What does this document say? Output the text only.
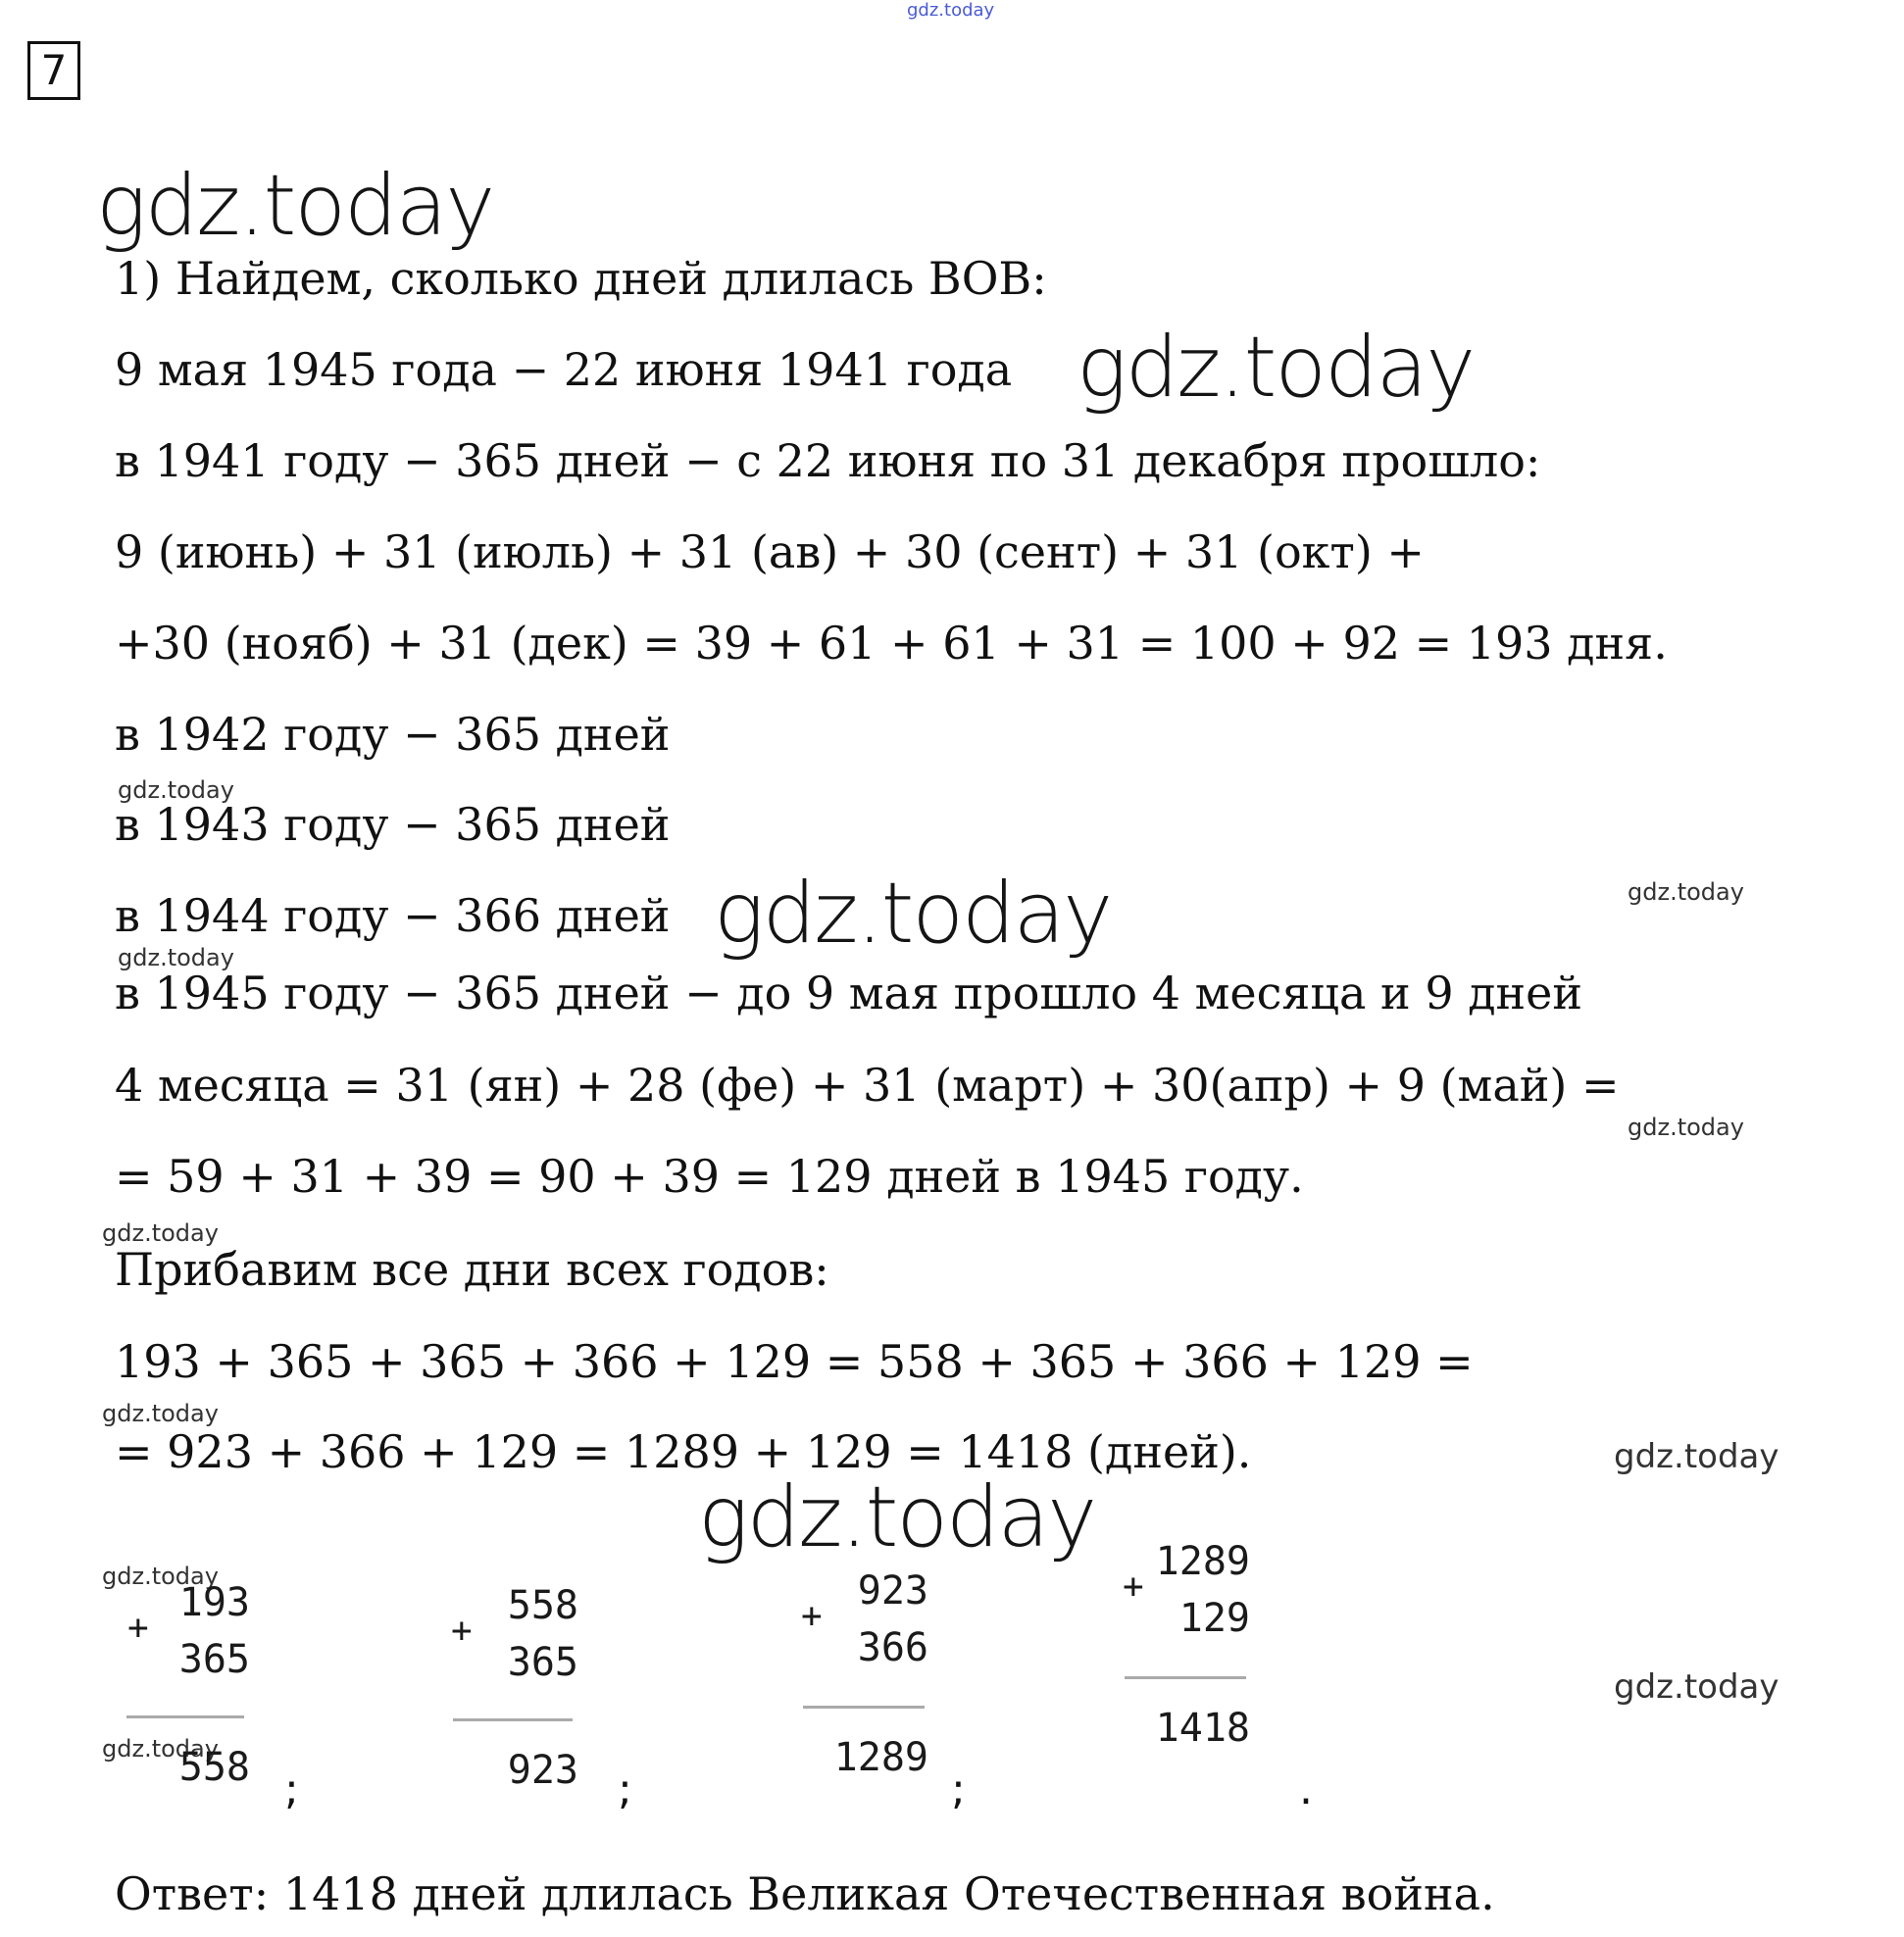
7
gdz.today
gdz.today
gdz.today
gdz.today
gdz.today
gdz.today
gdz.today
gdz.today
gdz.today
gdz.today
gdz.today
gdz.today
gdz.today
gdz.today
gdz.today
1) Найдем, сколько дней длилась ВОВ:
9 мая 1945 года − 22 июня 1941 года
в 1941 году − 365 дней − с 22 июня по 31 декабря прошло:
9 (июнь) + 31 (июль) + 31 (ав) + 30 (сент) + 31 (окт) +
+30 (нояб) + 31 (дек) = 39 + 61 + 61 + 31 = 100 + 92 = 193 дня.
в 1942 году − 365 дней
в 1943 году − 365 дней
в 1944 году − 366 дней
в 1945 году − 365 дней − до 9 мая прошло 4 месяца и 9 дней
4 месяца = 31 (ян) + 28 (фе) + 31 (март) + 30(апр) + 9 (май) =
= 59 + 31 + 39 = 90 + 39 = 129 дней в 1945 году.
Прибавим все дни всех годов:
193 + 365 + 365 + 366 + 129 = 558 + 365 + 366 + 129 =
= 923 + 366 + 129 = 1289 + 129 = 1418 (дней).
193
+
365
558 ;
558
+
365
923 ;
923
+
366
1289
;
1289
+
129
1418
.
Ответ: 1418 дней длилась Великая Отечественная война.
